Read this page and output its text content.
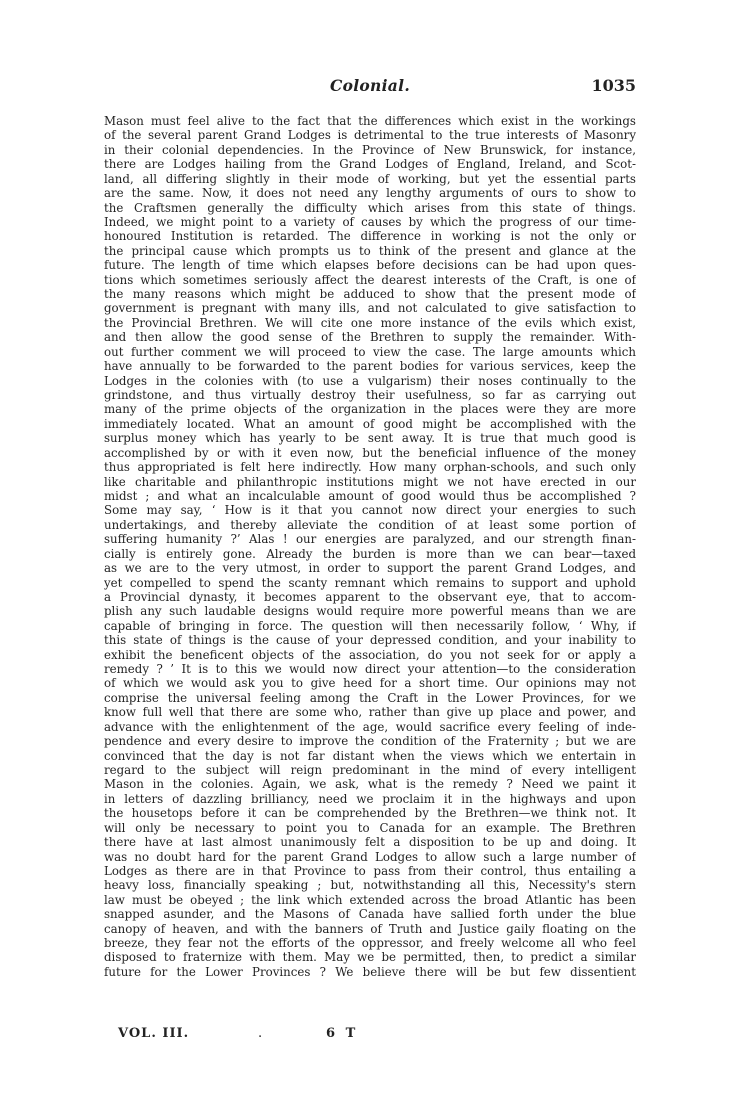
Colonial.	1035
Mason must feel alive to the fact that the differences which exist in the workings
of the several parent Grand Lodges is detrimental to the true interests of Masonry
in their colonial dependencies. In the Province of New Brunswick, for instance,
there are Lodges hailing from the Grand Lodges of England, Ireland, and Scot-
land, all differing slightly in their mode of working, but yet the essential parts
are the same. Now, it does not need any lengthy arguments of ours to show to
the Craftsmen generally the difficulty which arises from this state of things.
Indeed, we might point to a variety of causes by which the progress of our time-
honoured Institution is retarded. The difference in working is not the only or
the principal cause which prompts us to think of the present and glance at the
future. The length of time which elapses before decisions can be had upon ques-
tions which sometimes seriously affect the dearest interests of the Craft, is one of
the many reasons which might be adduced to show that the present mode of
government is pregnant with many ills, and not calculated to give satisfaction to
the Provincial Brethren. We will cite one more instance of the evils which exist,
and then allow the good sense of the Brethren to supply the remainder. With-
out further comment we will proceed to view the case. The large amounts which
have annually to be forwarded to the parent bodies for various services, keep the
Lodges in the colonies with (to use a vulgarism) their noses continually to the
grindstone, and thus virtually destroy their usefulness, so far as carrying out
many of the prime objects of the organization in the places were they are more
immediately located. What an amount of good might be accomplished with the
surplus money which has yearly to be sent away. It is true that much good is
accomplished by or with it even now, but the beneficial influence of the money
thus appropriated is felt here indirectly. How many orphan-schools, and such only
like charitable and philanthropic institutions might we not have erected in our
midst ; and what an incalculable amount of good would thus be accomplished ?
Some may say, ‘ How is it that you cannot now direct your energies to such
undertakings, and thereby alleviate the condition of at least some portion of
suffering humanity ?’ Alas ! our energies are paralyzed, and our strength finan-
cially is entirely gone. Already the burden is more than we can bear—taxed
as we are to the very utmost, in order to support the parent Grand Lodges, and
yet compelled to spend the scanty remnant which remains to support and uphold
a Provincial dynasty, it becomes apparent to the observant eye, that to accom-
plish any such laudable designs would require more powerful means than we are
capable of bringing in force. The question will then necessarily follow, ‘ Why, if
this state of things is the cause of your depressed condition, and your inability to
exhibit the beneficent objects of the association, do you not seek for or apply a
remedy ? ’ It is to this we would now direct your attention—to the consideration
of which we would ask you to give heed for a short time. Our opinions may not
comprise the universal feeling among the Craft in the Lower Provinces, for we
know full well that there are some who, rather than give up place and power, and
advance with the enlightenment of the age, would sacrifice every feeling of inde-
pendence and every desire to improve the condition of the Fraternity ; but we are
convinced that the day is not far distant when the views which we entertain in
regard to the subject will reign predominant in the mind of every intelligent
Mason in the colonies. Again, we ask, what is the remedy ? Need we paint it
in letters of dazzling brilliancy, need we proclaim it in the highways and upon
the housetops before it can be comprehended by the Brethren—we think not. It
will only be necessary to point you to Canada for an example. The Brethren
there have at last almost unanimously felt a disposition to be up and doing. It
was no doubt hard for the parent Grand Lodges to allow such a large number of
Lodges as there are in that Province to pass from their control, thus entailing a
heavy loss, financially speaking ; but, notwithstanding all this, Necessity's stern
law must be obeyed ; the link which extended across the broad Atlantic has been
snapped asunder, and the Masons of Canada have sallied forth under the blue
canopy of heaven, and with the banners of Truth and Justice gaily floating on the
breeze, they fear not the efforts of the oppressor, and freely welcome all who feel
disposed to fraternize with them. May we be permitted, then, to predict a similar
future for the Lower Provinces ? We believe there will be but few dissentient
VOL. III.	.	6 T
